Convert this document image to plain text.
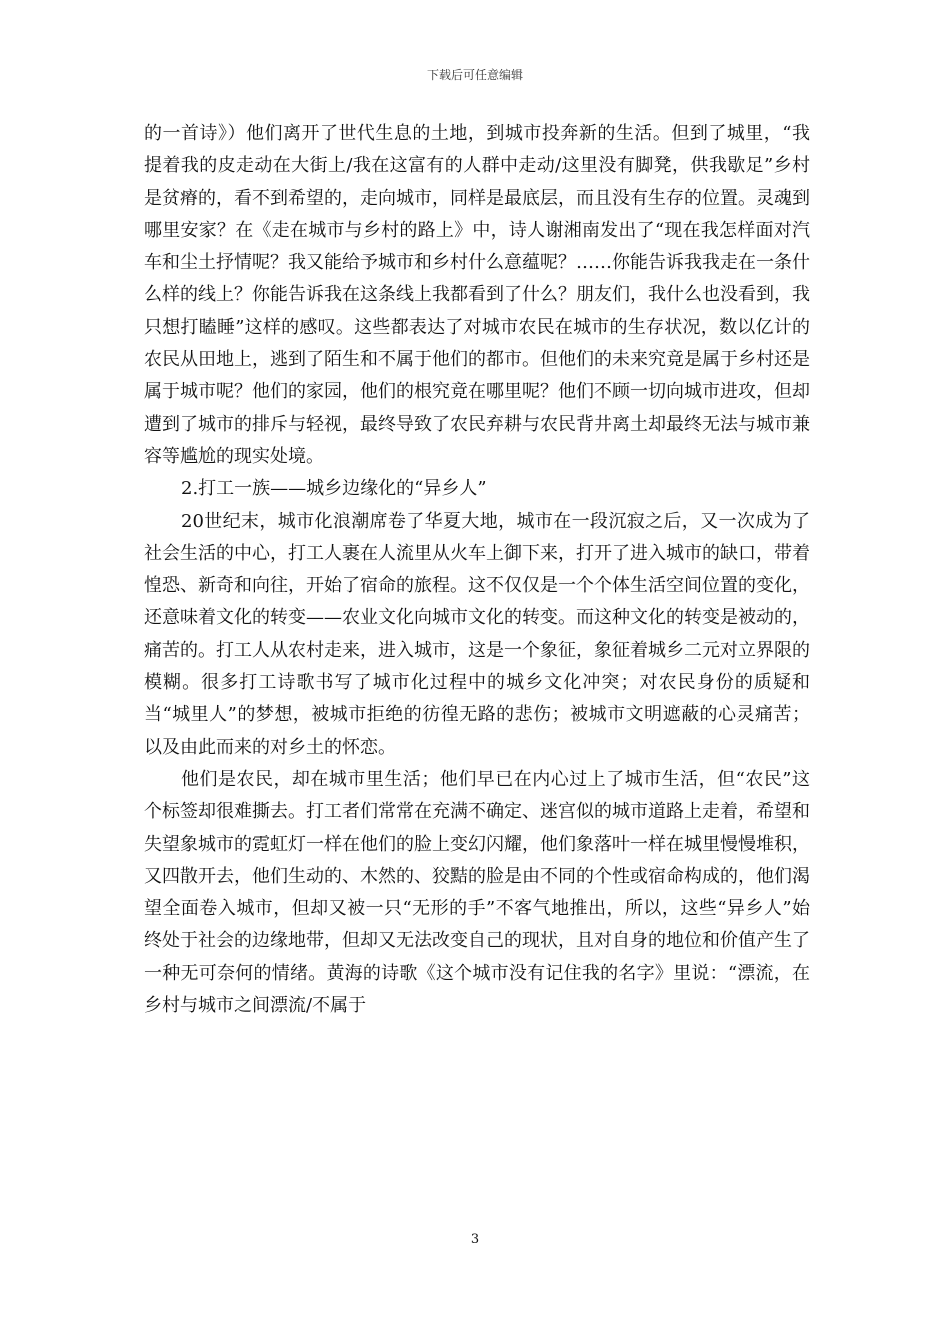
下载后可任意编辑

的一首诗》）他们离开了世代生息的土地，到城市投奔新的生活。但到了城里，“我提着我的皮走动在大街上/我在这富有的人群中走动/这里没有脚凳，供我歇足”乡村是贫瘠的，看不到希望的，走向城市，同样是最底层，而且没有生存的位置。灵魂到哪里安家？在《走在城市与乡村的路上》中，诗人谢湘南发出了“现在我怎样面对汽车和尘土抒情呢？我又能给予城市和乡村什么意蕴呢？……你能告诉我我走在一条什么样的线上？你能告诉我在这条线上我都看到了什么？朋友们，我什么也没看到，我只想打瞌睡”这样的感叹。这些都表达了对城市农民在城市的生存状况，数以亿计的农民从田地上，逃到了陌生和不属于他们的都市。但他们的未来究竟是属于乡村还是属于城市呢？他们的家园，他们的根究竟在哪里呢？他们不顾一切向城市进攻，但却遭到了城市的排斥与轻视，最终导致了农民弃耕与农民背井离土却最终无法与城市兼容等尴尬的现实处境。

2.打工一族——城乡边缘化的“异乡人”

20世纪末，城市化浪潮席卷了华夏大地，城市在一段沉寂之后，又一次成为了社会生活的中心，打工人裹在人流里从火车上御下来，打开了进入城市的缺口，带着惶恐、新奇和向往，开始了宿命的旅程。这不仅仅是一个个体生活空间位置的变化，还意味着文化的转变——农业文化向城市文化的转变。而这种文化的转变是被动的，痛苦的。打工人从农村走来，进入城市，这是一个象征，象征着城乡二元对立界限的模糊。很多打工诗歌书写了城市化过程中的城乡文化冲突；对农民身份的质疑和当“城里人”的梦想，被城市拒绝的彷徨无路的悲伤；被城市文明遮蔽的心灵痛苦；以及由此而来的对乡土的怀恋。

他们是农民，却在城市里生活；他们早已在内心过上了城市生活，但“农民”这个标签却很难撕去。打工者们常常在充满不确定、迷宫似的城市道路上走着，希望和失望象城市的霓虹灯一样在他们的脸上变幻闪耀，他们象落叶一样在城里慢慢堆积，又四散开去，他们生动的、木然的、狡黠的脸是由不同的个性或宿命构成的，他们渴望全面卷入城市，但却又被一只“无形的手”不客气地推出，所以，这些“异乡人”始终处于社会的边缘地带，但却又无法改变自己的现状，且对自身的地位和价值产生了一种无可奈何的情绪。黄海的诗歌《这个城市没有记住我的名字》里说：“漂流，在乡村与城市之间漂流/不属于

3
